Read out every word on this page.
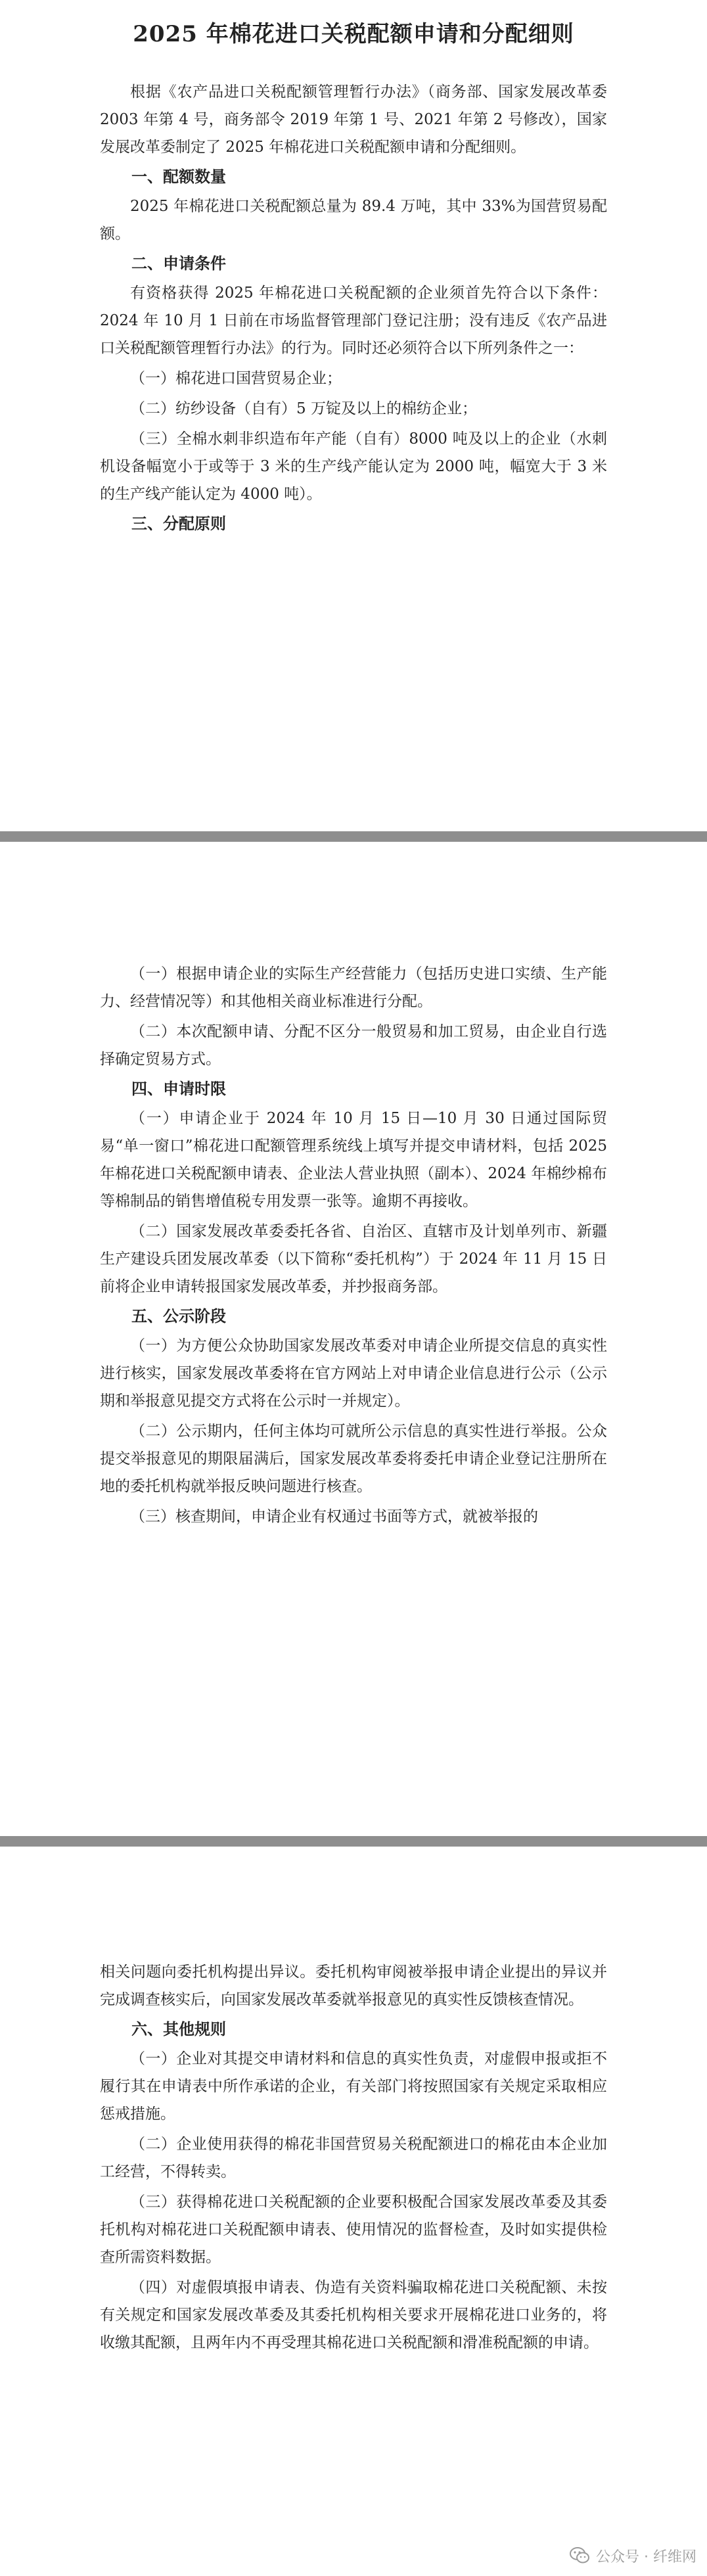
2025 年棉花进口关税配额申请和分配细则

根据《农产品进口关税配额管理暂行办法》（商务部、国家发展改革委 2003 年第 4 号，商务部令 2019 年第 1 号、2021 年第 2 号修改），国家发展改革委制定了 2025 年棉花进口关税配额申请和分配细则。

一、配额数量

2025 年棉花进口关税配额总量为 89.4 万吨，其中 33%为国营贸易配额。

二、申请条件

有资格获得 2025 年棉花进口关税配额的企业须首先符合以下条件：2024 年 10 月 1 日前在市场监督管理部门登记注册；没有违反《农产品进口关税配额管理暂行办法》的行为。同时还必须符合以下所列条件之一：

（一）棉花进口国营贸易企业；

（二）纺纱设备（自有）5 万锭及以上的棉纺企业；

（三）全棉水刺非织造布年产能（自有）8000 吨及以上的企业（水刺机设备幅宽小于或等于 3 米的生产线产能认定为 2000 吨，幅宽大于 3 米的生产线产能认定为 4000 吨）。

三、分配原则

（一）根据申请企业的实际生产经营能力（包括历史进口实绩、生产能力、经营情况等）和其他相关商业标准进行分配。

（二）本次配额申请、分配不区分一般贸易和加工贸易，由企业自行选择确定贸易方式。

四、申请时限

（一）申请企业于 2024 年 10 月 15 日—10 月 30 日通过国际贸易“单一窗口”棉花进口配额管理系统线上填写并提交申请材料，包括 2025 年棉花进口关税配额申请表、企业法人营业执照（副本）、2024 年棉纱棉布等棉制品的销售增值税专用发票一张等。逾期不再接收。

（二）国家发展改革委委托各省、自治区、直辖市及计划单列市、新疆生产建设兵团发展改革委（以下简称“委托机构”）于 2024 年 11 月 15 日前将企业申请转报国家发展改革委，并抄报商务部。

五、公示阶段

（一）为方便公众协助国家发展改革委对申请企业所提交信息的真实性进行核实，国家发展改革委将在官方网站上对申请企业信息进行公示（公示期和举报意见提交方式将在公示时一并规定）。

（二）公示期内，任何主体均可就所公示信息的真实性进行举报。公众提交举报意见的期限届满后，国家发展改革委将委托申请企业登记注册所在地的委托机构就举报反映问题进行核查。

（三）核查期间，申请企业有权通过书面等方式，就被举报的

相关问题向委托机构提出异议。委托机构审阅被举报申请企业提出的异议并完成调查核实后，向国家发展改革委就举报意见的真实性反馈核查情况。

六、其他规则

（一）企业对其提交申请材料和信息的真实性负责，对虚假申报或拒不履行其在申请表中所作承诺的企业，有关部门将按照国家有关规定采取相应惩戒措施。

（二）企业使用获得的棉花非国营贸易关税配额进口的棉花由本企业加工经营，不得转卖。

（三）获得棉花进口关税配额的企业要积极配合国家发展改革委及其委托机构对棉花进口关税配额申请表、使用情况的监督检查，及时如实提供检查所需资料数据。

（四）对虚假填报申请表、伪造有关资料骗取棉花进口关税配额、未按有关规定和国家发展改革委及其委托机构相关要求开展棉花进口业务的，将收缴其配额，且两年内不再受理其棉花进口关税配额和滑准税配额的申请。

公众号 · 纤维网
